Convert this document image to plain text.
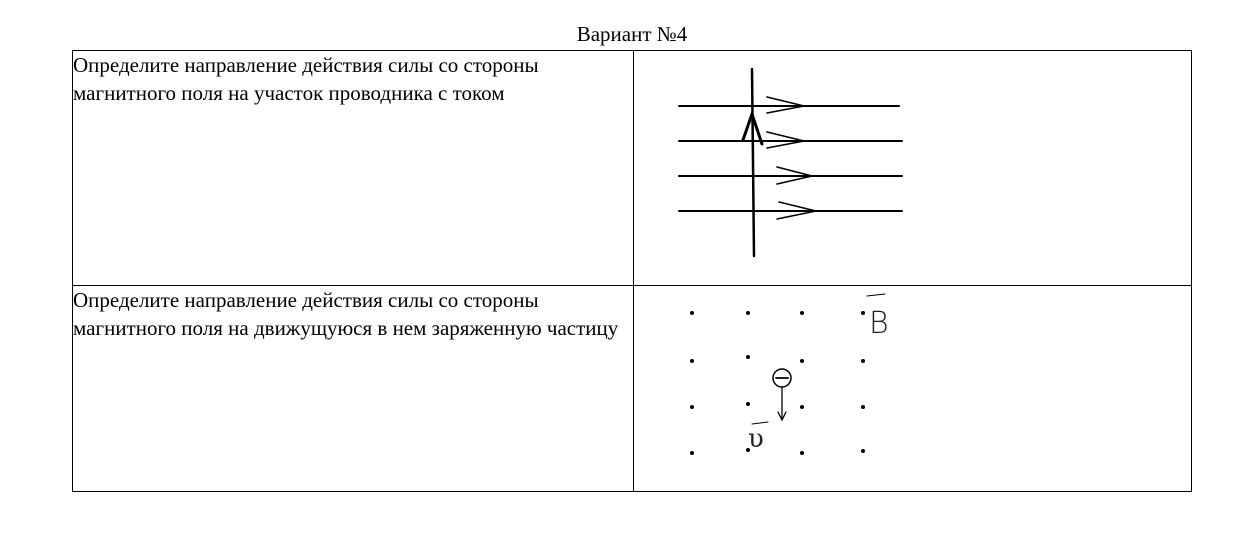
Вариант №4
Определите направление действия силы со стороны магнитного поля на участок проводника с током	

Определите направление действия силы со стороны магнитного поля на движущуюся в нем заряженную частицу	B
υ
